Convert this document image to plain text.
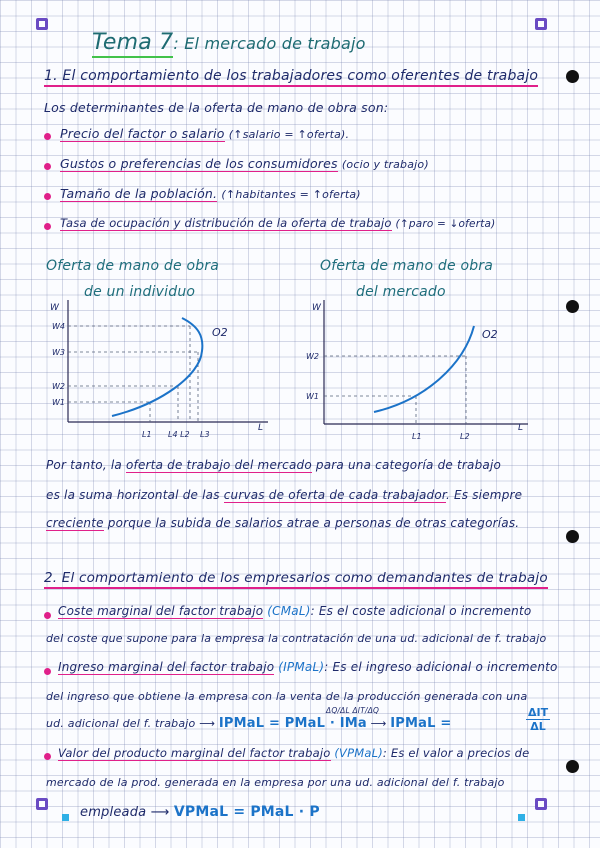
Tema 7: El mercado de trabajo
1. El comportamiento de los trabajadores como oferentes de trabajo
Los determinantes de la oferta de mano de obra son:
Precio del factor o salario (↑salario = ↑oferta).
Gustos o preferencias de los consumidores (ocio y trabajo)
Tamaño de la población. (↑habitantes = ↑oferta)
Tasa de ocupación y distribución de la oferta de trabajo (↑paro = ↓oferta)
Oferta de mano de obra
de un individuo
Oferta de mano de obra
del mercado
W
W4
W3
W2
W1
L1 L4 L2 L3
L
O2
W
W2
W1
L1	L2
L
O2
Por tanto, la oferta de trabajo del mercado para una categoría de trabajo
es la suma horizontal de las curvas de oferta de cada trabajador. Es siempre
creciente porque la subida de salarios atrae a personas de otras categorías.
2. El comportamiento de los empresarios como demandantes de trabajo
Coste marginal del factor trabajo (CMaL): Es el coste adicional o incremento
del coste que supone para la empresa la contratación de una ud. adicional de f. trabajo
Ingreso marginal del factor trabajo (IPMaL): Es el ingreso adicional o incremento
del ingreso que obtiene la empresa con la venta de la producción generada con una
ΔQ/ΔL ΔIT/ΔQ
ud. adicional del f. trabajo ⟶ IPMaL = PMaL · IMa ⟶ IPMaL =
ΔIT
ΔL
Valor del producto marginal del factor trabajo (VPMaL): Es el valor a precios de
mercado de la prod. generada en la empresa por una ud. adicional del f. trabajo
empleada ⟶ VPMaL = PMaL · P
